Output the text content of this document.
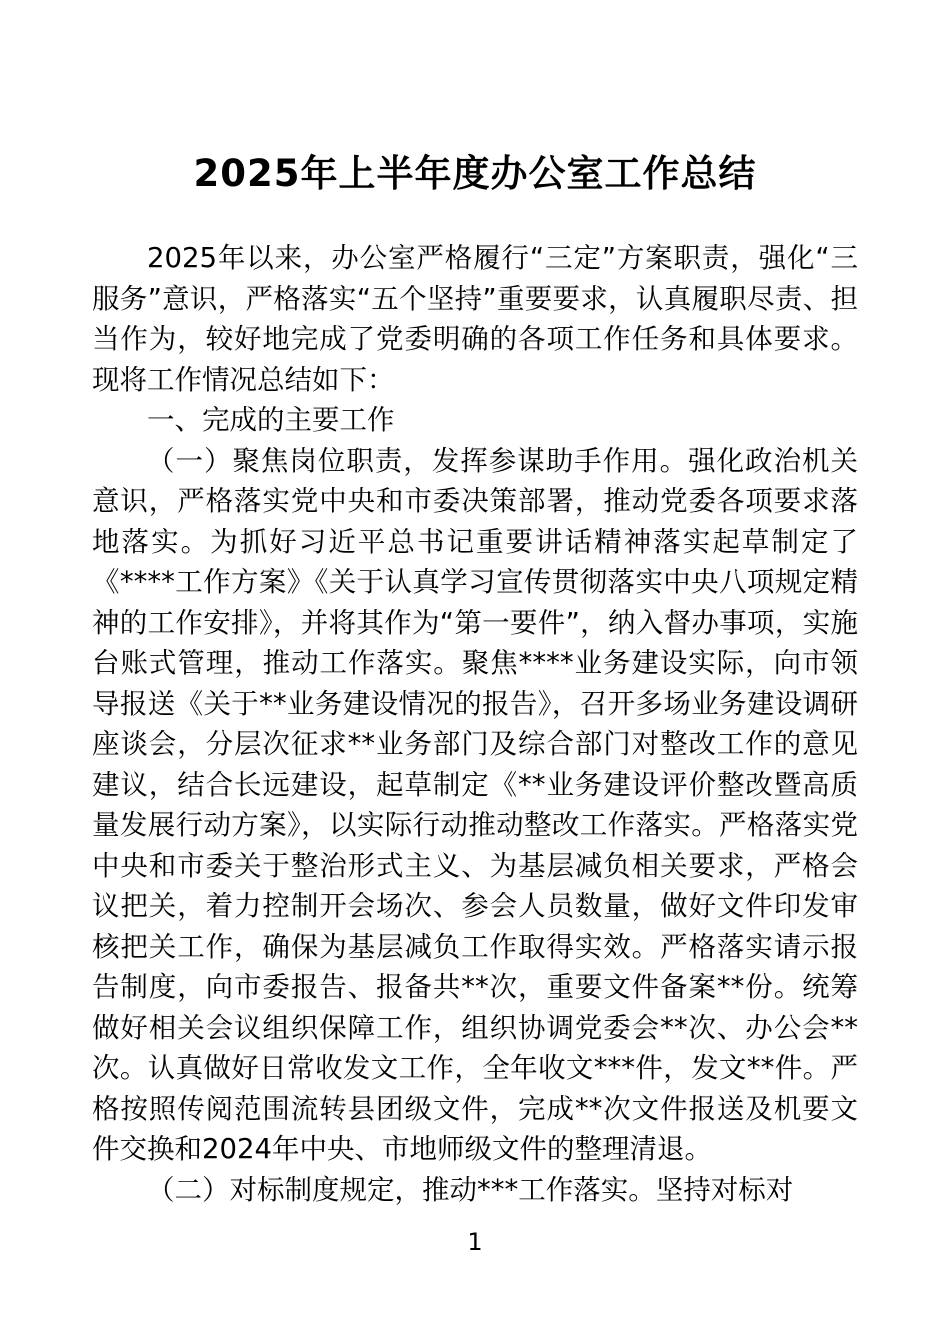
2025年上半年度办公室工作总结

2025年以来，办公室严格履行“三定”方案职责，强化“三服务”意识，严格落实“五个坚持”重要要求，认真履职尽责、担当作为，较好地完成了党委明确的各项工作任务和具体要求。现将工作情况总结如下：

一、完成的主要工作

（一）聚焦岗位职责，发挥参谋助手作用。强化政治机关意识，严格落实党中央和市委决策部署，推动党委各项要求落地落实。为抓好习近平总书记重要讲话精神落实起草制定了《****工作方案》《关于认真学习宣传贯彻落实中央八项规定精神的工作安排》，并将其作为“第一要件”，纳入督办事项，实施台账式管理，推动工作落实。聚焦****业务建设实际，向市领导报送《关于**业务建设情况的报告》，召开多场业务建设调研座谈会，分层次征求**业务部门及综合部门对整改工作的意见建议，结合长远建设，起草制定《**业务建设评价整改暨高质量发展行动方案》，以实际行动推动整改工作落实。严格落实党中央和市委关于整治形式主义、为基层减负相关要求，严格会议把关，着力控制开会场次、参会人员数量，做好文件印发审核把关工作，确保为基层减负工作取得实效。严格落实请示报告制度，向市委报告、报备共**次，重要文件备案**份。统筹做好相关会议组织保障工作，组织协调党委会**次、办公会**次。认真做好日常收发文工作，全年收文***件，发文**件。严格按照传阅范围流转县团级文件，完成**次文件报送及机要文件交换和2024年中央、市地师级文件的整理清退。

（二）对标制度规定，推动***工作落实。坚持对标对

1
